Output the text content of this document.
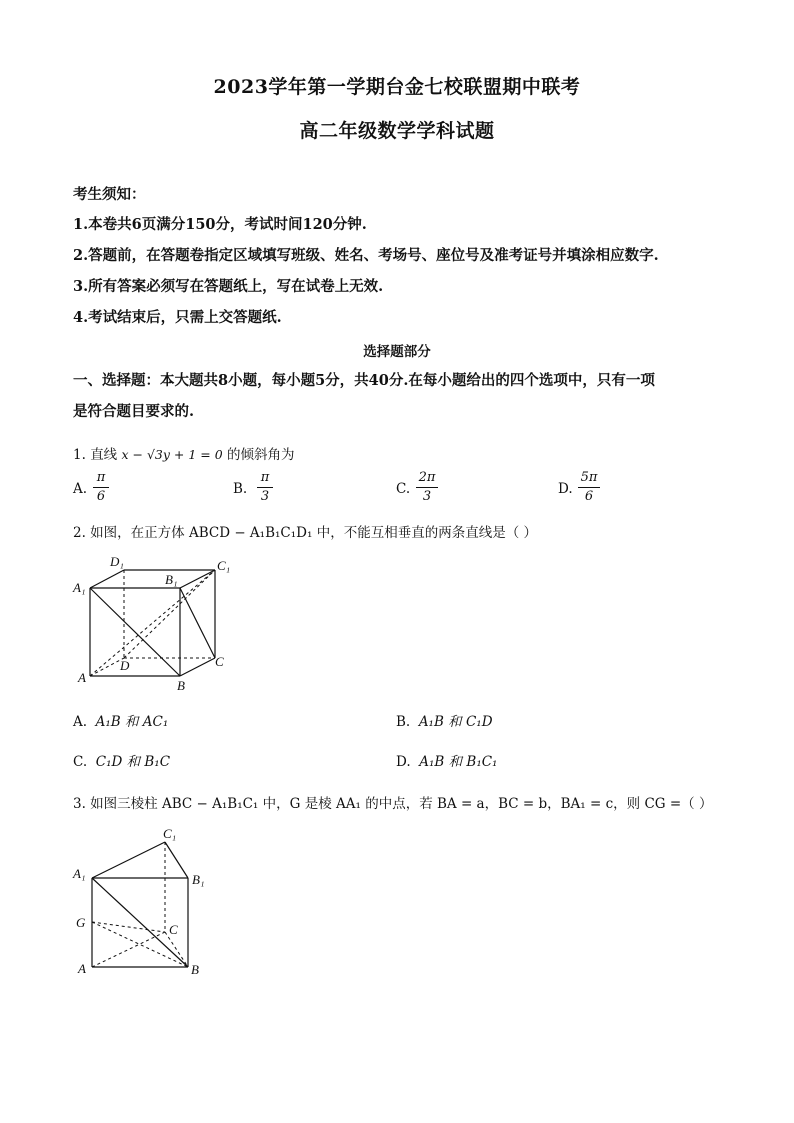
2023学年第一学期台金七校联盟期中联考
高二年级数学学科试题
考生须知：
1.本卷共6页满分150分，考试时间120分钟.
2.答题前，在答题卷指定区域填写班级、姓名、考场号、座位号及准考证号并填涂相应数字.
3.所有答案必须写在答题纸上，写在试卷上无效.
4.考试结束后，只需上交答题纸.
选择题部分
一、选择题：本大题共8小题，每小题5分，共40分.在每小题给出的四个选项中，只有一项
是符合题目要求的.
1. 直线 x − √3y + 1 = 0 的倾斜角为
A.
π
6	B.
π
3	C.
2π
3	D.
5π
6
2. 如图，在正方体 ABCD − A₁B₁C₁D₁ 中，不能互相垂直的两条直线是（ ）
D₁	C₁
B₁
A₁
D	C
A
B
A. A₁B 和 AC₁	B. A₁B 和 C₁D
C. C₁D 和 B₁C	D. A₁B 和 B₁C₁
3. 如图三棱柱 ABC − A₁B₁C₁ 中，G 是棱 AA₁ 的中点，若 BA = a，BC = b，BA₁ = c，则 CG =（ ）
C₁
A₁	B₁
G	C
A	B
